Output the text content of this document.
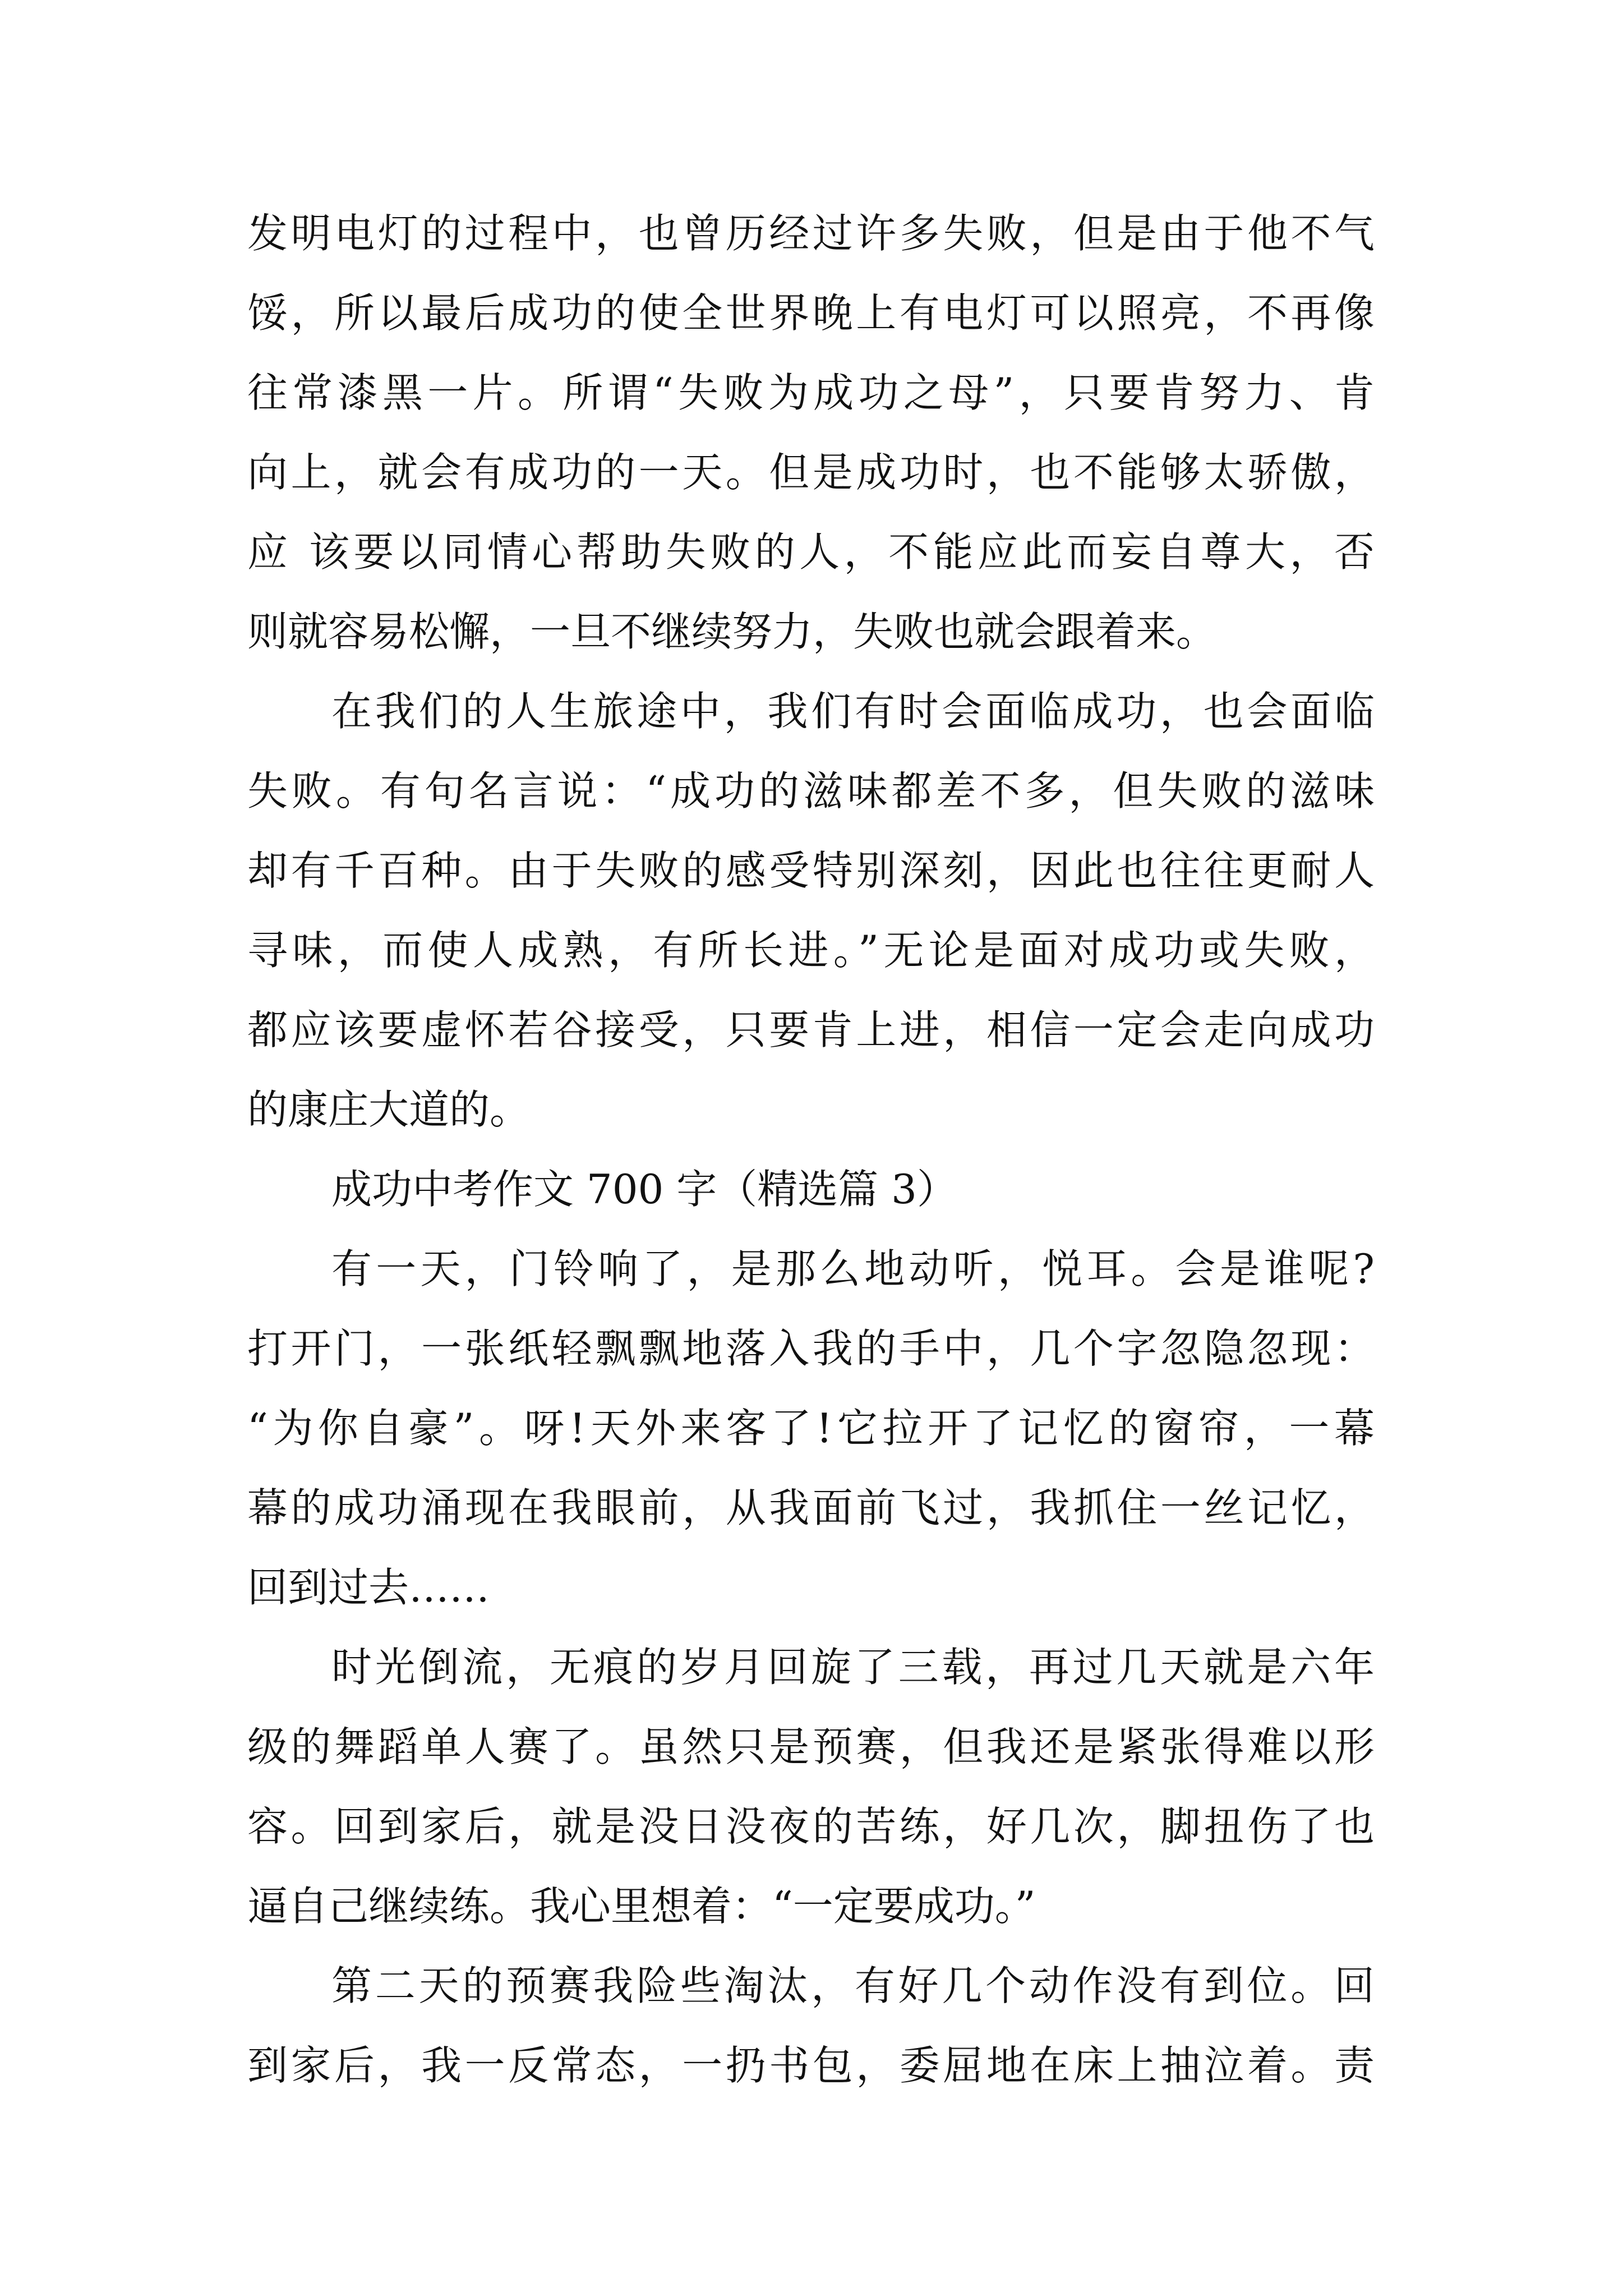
发明电灯的过程中，也曾历经过许多失败，但是由于他不气
馁，所以最后成功的使全世界晚上有电灯可以照亮，不再像
往常漆黑一片。所谓“失败为成功之母”，只要肯努力、肯
向上，就会有成功的一天。但是成功时，也不能够太骄傲，
应 该要以同情心帮助失败的人，不能应此而妄自尊大，否
则就容易松懈，一旦不继续努力，失败也就会跟着来。
在我们的人生旅途中，我们有时会面临成功，也会面临
失败。有句名言说：“成功的滋味都差不多，但失败的滋味
却有千百种。由于失败的感受特别深刻，因此也往往更耐人
寻味，而使人成熟，有所长进。”无论是面对成功或失败，
都应该要虚怀若谷接受，只要肯上进，相信一定会走向成功
的康庄大道的。
成功中考作文 700 字（精选篇 3）
有一天，门铃响了，是那么地动听，悦耳。会是谁呢?
打开门，一张纸轻飘飘地落入我的手中，几个字忽隐忽现：
“为你自豪”。呀!天外来客了!它拉开了记忆的窗帘，一幕
幕的成功涌现在我眼前，从我面前飞过，我抓住一丝记忆，
回到过去……
时光倒流，无痕的岁月回旋了三载，再过几天就是六年
级的舞蹈单人赛了。虽然只是预赛，但我还是紧张得难以形
容。回到家后，就是没日没夜的苦练，好几次，脚扭伤了也
逼自己继续练。我心里想着：“一定要成功。”
第二天的预赛我险些淘汰，有好几个动作没有到位。回
到家后，我一反常态，一扔书包，委屈地在床上抽泣着。责
